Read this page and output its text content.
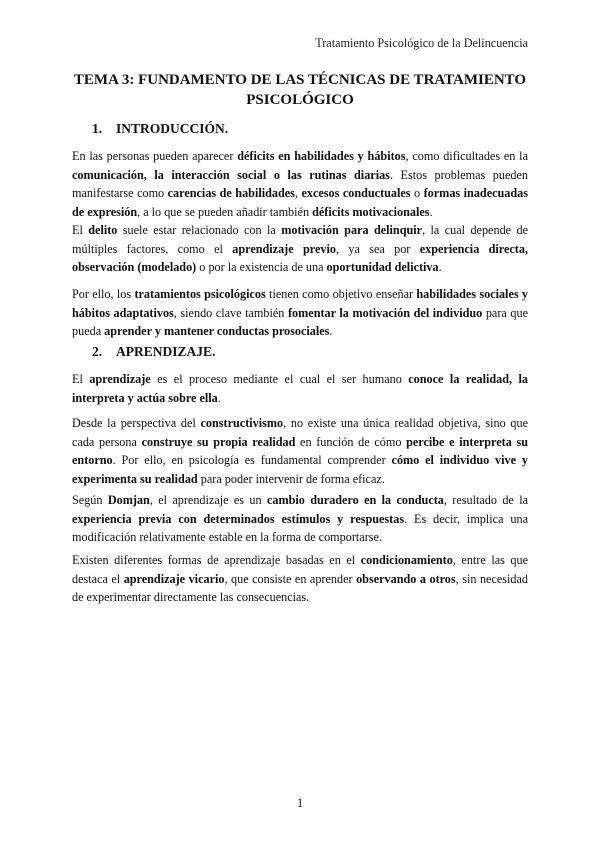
Tratamiento Psicológico de la Delincuencia
TEMA 3: FUNDAMENTO DE LAS TÉCNICAS DE TRATAMIENTO
PSICOLÓGICO
1. INTRODUCCIÓN.

En las personas pueden aparecer déficits en habilidades y hábitos, como dificultades en la comunicación, la interacción social o las rutinas diarias. Estos problemas pueden manifestarse como carencias de habilidades, excesos conductuales o formas inadecuadas de expresión, a lo que se pueden añadir también déficits motivacionales.

El delito suele estar relacionado con la motivación para delinquir, la cual depende de múltiples factores, como el aprendizaje previo, ya sea por experiencia directa, observación (modelado) o por la existencia de una oportunidad delictiva.

Por ello, los tratamientos psicológicos tienen como objetivo enseñar habilidades sociales y hábitos adaptativos, siendo clave también fomentar la motivación del individuo para que pueda aprender y mantener conductas prosociales.

2. APRENDIZAJE.

El aprendizaje es el proceso mediante el cual el ser humano conoce la realidad, la interpreta y actúa sobre ella.

Desde la perspectiva del constructivismo, no existe una única realidad objetiva, sino que cada persona construye su propia realidad en función de cómo percibe e interpreta su entorno. Por ello, en psicología es fundamental comprender cómo el individuo vive y experimenta su realidad para poder intervenir de forma eficaz.

Según Domjan, el aprendizaje es un cambio duradero en la conducta, resultado de la experiencia previa con determinados estímulos y respuestas. Es decir, implica una modificación relativamente estable en la forma de comportarse.

Existen diferentes formas de aprendizaje basadas en el condicionamiento, entre las que destaca el aprendizaje vicario, que consiste en aprender observando a otros, sin necesidad de experimentar directamente las consecuencias.

1
